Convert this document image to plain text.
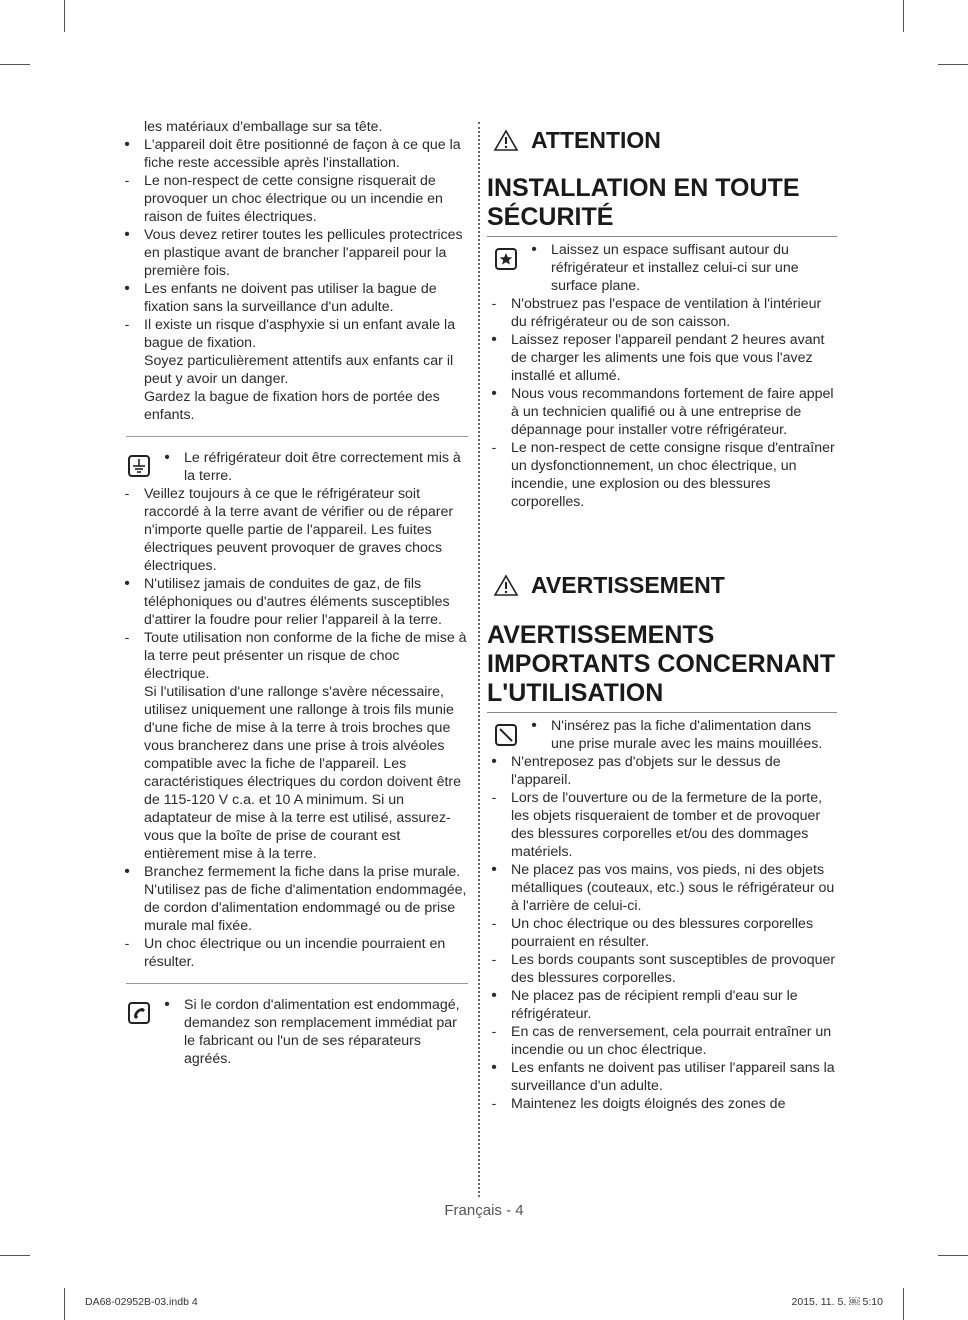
les matériaux d'emballage sur sa tête.
• L'appareil doit être positionné de façon à ce que la fiche reste accessible après l'installation.
-	Le non-respect de cette consigne risquerait de provoquer un choc électrique ou un incendie en raison de fuites électriques.
• Vous devez retirer toutes les pellicules protectrices en plastique avant de brancher l'appareil pour la première fois.
• Les enfants ne doivent pas utiliser la bague de fixation sans la surveillance d'un adulte.
-	Il existe un risque d'asphyxie si un enfant avale la bague de fixation.
Soyez particulièrement attentifs aux enfants car il peut y avoir un danger.
Gardez la bague de fixation hors de portée des enfants.
• Le réfrigérateur doit être correctement mis à la terre.
-	Veillez toujours à ce que le réfrigérateur soit raccordé à la terre avant de vérifier ou de réparer n'importe quelle partie de l'appareil. Les fuites électriques peuvent provoquer de graves chocs électriques.
• N'utilisez jamais de conduites de gaz, de fils téléphoniques ou d'autres éléments susceptibles d'attirer la foudre pour relier l'appareil à la terre.
-	Toute utilisation non conforme de la fiche de mise à la terre peut présenter un risque de choc électrique.
Si l'utilisation d'une rallonge s'avère nécessaire, utilisez uniquement une rallonge à trois fils munie d'une fiche de mise à la terre à trois broches que vous brancherez dans une prise à trois alvéoles compatible avec la fiche de l'appareil. Les caractéristiques électriques du cordon doivent être de 115-120 V c.a. et 10 A minimum. Si un adaptateur de mise à la terre est utilisé, assurez-vous que la boîte de prise de courant est entièrement mise à la terre.
• Branchez fermement la fiche dans la prise murale. N'utilisez pas de fiche d'alimentation endommagée, de cordon d'alimentation endommagé ou de prise murale mal fixée.
-	Un choc électrique ou un incendie pourraient en résulter.
• Si le cordon d'alimentation est endommagé, demandez son remplacement immédiat par le fabricant ou l'un de ses réparateurs agréés.
ATTENTION
INSTALLATION EN TOUTE SÉCURITÉ
• Laissez un espace suffisant autour du réfrigérateur et installez celui-ci sur une surface plane.
-	N'obstruez pas l'espace de ventilation à l'intérieur du réfrigérateur ou de son caisson.
• Laissez reposer l'appareil pendant 2 heures avant de charger les aliments une fois que vous l'avez installé et allumé.
• Nous vous recommandons fortement de faire appel à un technicien qualifié ou à une entreprise de dépannage pour installer votre réfrigérateur.
-	Le non-respect de cette consigne risque d'entraîner un dysfonctionnement, un choc électrique, un incendie, une explosion ou des blessures corporelles.
AVERTISSEMENT
AVERTISSEMENTS IMPORTANTS CONCERNANT L'UTILISATION
• N'insérez pas la fiche d'alimentation dans une prise murale avec les mains mouillées.
• N'entreposez pas d'objets sur le dessus de l'appareil.
-	Lors de l'ouverture ou de la fermeture de la porte, les objets risqueraient de tomber et de provoquer des blessures corporelles et/ou des dommages matériels.
• Ne placez pas vos mains, vos pieds, ni des objets métalliques (couteaux, etc.) sous le réfrigérateur ou à l'arrière de celui-ci.
-	Un choc électrique ou des blessures corporelles pourraient en résulter.
-	Les bords coupants sont susceptibles de provoquer des blessures corporelles.
• Ne placez pas de récipient rempli d'eau sur le réfrigérateur.
-	En cas de renversement, cela pourrait entraîner un incendie ou un choc électrique.
• Les enfants ne doivent pas utiliser l'appareil sans la surveillance d'un adulte.
-	Maintenez les doigts éloignés des zones de
Français - 4
DA68-02952B-03.indb 4	2015. 11. 5. ￼ 5:10
